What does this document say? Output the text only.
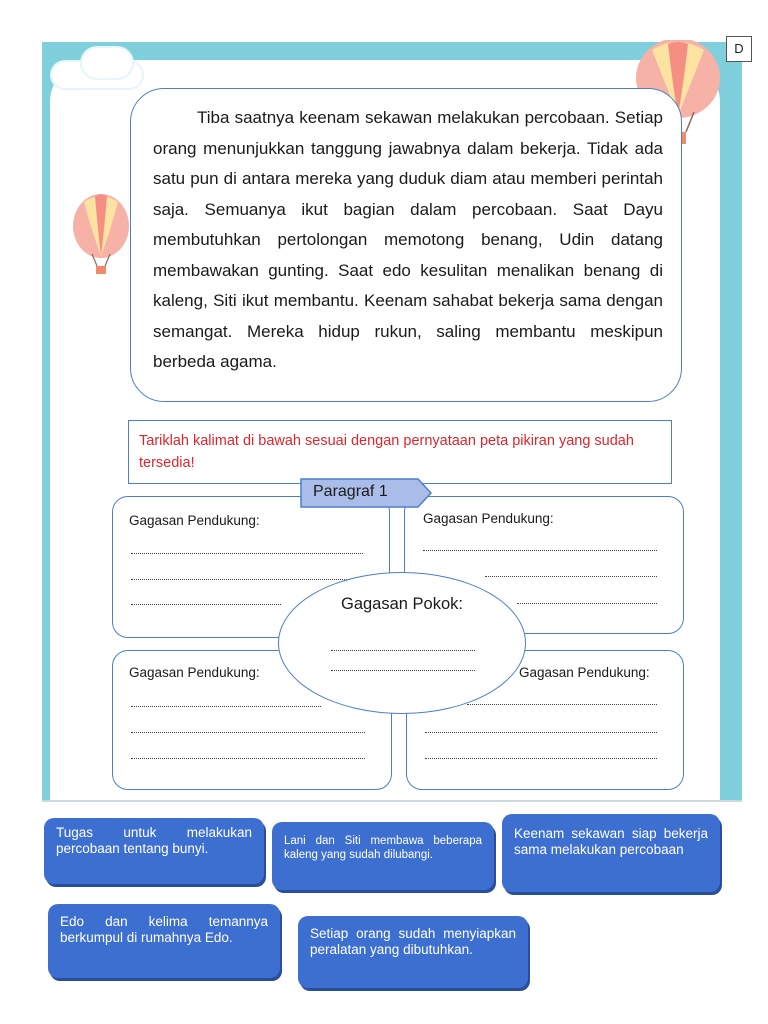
D

Tiba saatnya keenam sekawan melakukan percobaan. Setiap orang menunjukkan tanggung jawabnya dalam bekerja. Tidak ada satu pun di antara mereka yang duduk diam atau memberi perintah saja. Semuanya ikut bagian dalam percobaan. Saat Dayu membutuhkan pertolongan memotong benang, Udin datang membawakan gunting. Saat edo kesulitan menalikan benang di kaleng, Siti ikut membantu. Keenam sahabat bekerja sama dengan semangat. Mereka hidup rukun, saling membantu meskipun berbeda agama.

Tariklah kalimat di bawah sesuai dengan pernyataan peta pikiran yang sudah tersedia!
Gagasan Pendukung:	Gagasan Pendukung:
Gagasan Pendukung:	Gagasan Pendukung:
Gagasan Pokok:
Paragraf 1
Tugas untuk melakukan percobaan tentang bunyi.	Lani dan Siti membawa beberapa kaleng yang sudah dilubangi.
Keenam sekawan siap bekerja sama melakukan percobaan
Edo dan kelima temannya berkumpul di rumahnya Edo.	Setiap orang sudah menyiapkan peralatan yang dibutuhkan.
